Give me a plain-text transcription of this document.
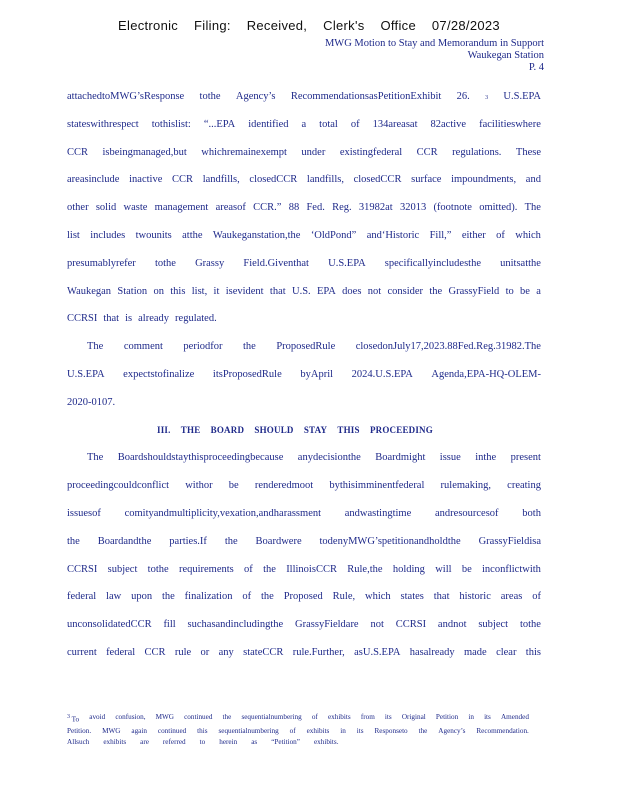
Electronic Filing: Received, Clerk's Office 07/28/2023
MWG Motion to Stay and Memorandum in Support
Waukegan Station
P. 4
attachedtoMWG’sResponse tothe Agency’s RecommendationsasPetitionExhibit 26.	3 U.S.EPA
stateswithrespect tothislist: “...EPA identified a total of 134areasat 82active facilitieswhere
CCR isbeingmanaged,but whichremainexempt under existingfederal CCR regulations. These
areasinclude inactive CCR landfills, closedCCR landfills, closedCCR surface impoundments, and
other solid waste management areasof CCR.” 88 Fed. Reg. 31982at 32013 (footnote omitted). The
list includes twounits atthe Waukeganstation,the ‘OldPond” and‘Historic Fill,” either of which
presumablyrefer tothe Grassy Field.Giventhat U.S.EPA specificallyincludesthe unitsatthe
Waukegan Station on this list, it isevident that U.S. EPA does not consider the GrassyField to be a
CCRSI that is already regulated.
The comment periodfor the ProposedRule closedonJuly17,2023.88Fed.Reg.31982.The
U.S.EPA expectstofinalize itsProposedRule byApril 2024.U.S.EPA Agenda,EPA-HQ-OLEM-
2020-0107.
III. THE BOARD SHOULD STAY THIS PROCEEDING
The Boardshouldstaythisproceedingbecause anydecisionthe Boardmight issue inthe present
proceedingcouldconflict withor be renderedmoot bythisimminentfederal rulemaking, creating
issuesof comityandmultiplicity,vexation,andharassment andwastingtime andresourcesof both
the Boardandthe parties.If the Boardwere todenyMWG’spetitionandholdthe GrassyFieldisa
CCRSI subject tothe requirements of the IllinoisCCR Rule,the holding will be inconflictwith
federal law upon the finalization of the Proposed Rule, which states that historic areas of
unconsolidatedCCR fill suchasandincludingthe GrassyFieldare not CCRSI andnot subject tothe
current federal CCR rule or any stateCCR rule.Further, asU.S.EPA hasalready made clear this
$^3$ To avoid confusion, MWG continued the sequentialnumbering of exhibits from its Original Petition in its Amended
Petition. MWG again continued this sequentialnumbering of exhibits in its Responseto the Agency’s Recommendation.
Allsuch exhibits are referred to herein as “Petition” exhibits.
